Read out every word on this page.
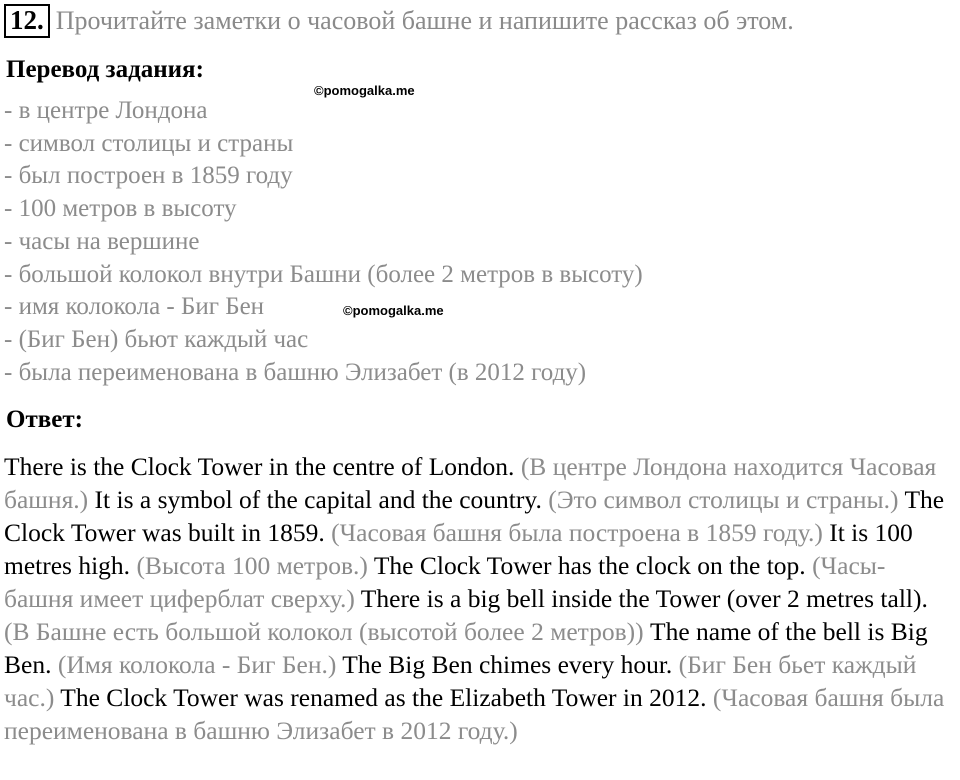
12. Прочитайте заметки о часовой башне и напишите рассказ об этом.
Перевод задания:
©pomogalka.me
©pomogalka.me
- в центре Лондона
- символ столицы и страны
- был построен в 1859 году
- 100 метров в высоту
- часы на вершине
- большой колокол внутри Башни (более 2 метров в высоту)
- имя колокола - Биг Бен
- (Биг Бен) бьют каждый час
- была переименована в башню Элизабет (в 2012 году)
Ответ:

There is the Clock Tower in the centre of London. (В центре Лондона находится Часовая башня.) It is a symbol of the capital and the country. (Это символ столицы и страны.) The Clock Tower was built in 1859. (Часовая башня была построена в 1859 году.) It is 100 metres high. (Высота 100 метров.) The Clock Tower has the clock on the top. (Часы-башня имеет циферблат сверху.) There is a big bell inside the Tower (over 2 metres tall). (В Башне есть большой колокол (высотой более 2 метров)) The name of the bell is Big Ben. (Имя колокола - Биг Бен.) The Big Ben chimes every hour. (Биг Бен бьет каждый час.) The Clock Tower was renamed as the Elizabeth Tower in 2012. (Часовая башня была переименована в башню Элизабет в 2012 году.)
